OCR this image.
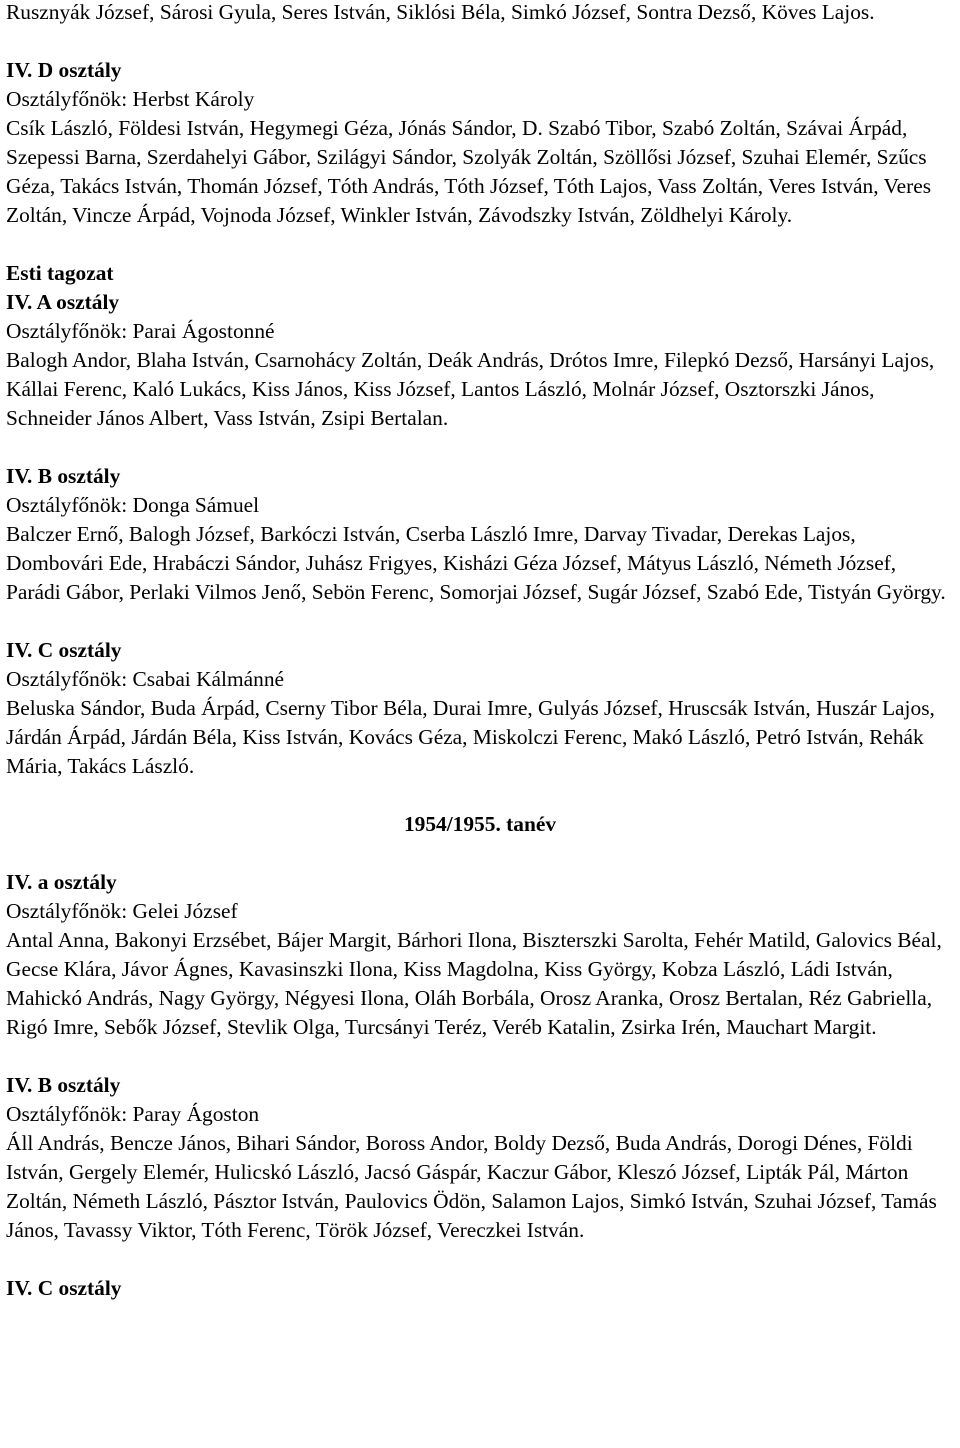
Rusznyák József, Sárosi Gyula, Seres István, Siklósi Béla, Simkó József, Sontra Dezső, Köves Lajos.

IV. D osztály

Osztályfőnök: Herbst Károly

Csík László, Földesi István, Hegymegi Géza, Jónás Sándor, D. Szabó Tibor, Szabó Zoltán, Szávai Árpád, Szepessi Barna, Szerdahelyi Gábor, Szilágyi Sándor, Szolyák Zoltán, Szöllősi József, Szuhai Elemér, Szűcs Géza, Takács István, Thomán József, Tóth András, Tóth József, Tóth Lajos, Vass Zoltán, Veres István, Veres Zoltán, Vincze Árpád, Vojnoda József, Winkler István, Závodszky István, Zöldhelyi Károly.

Esti tagozat

IV. A osztály

Osztályfőnök: Parai Ágostonné

Balogh Andor, Blaha István, Csarnohácy Zoltán, Deák András, Drótos Imre, Filepkó Dezső, Harsányi Lajos, Kállai Ferenc, Kaló Lukács, Kiss János, Kiss József, Lantos László, Molnár József, Osztorszki János, Schneider János Albert, Vass István, Zsipi Bertalan.

IV. B osztály

Osztályfőnök: Donga Sámuel

Balczer Ernő, Balogh József, Barkóczi István, Cserba László Imre, Darvay Tivadar, Derekas Lajos, Dombovári Ede, Hrabáczi Sándor, Juhász Frigyes, Kisházi Géza József, Mátyus László, Németh József, Parádi Gábor, Perlaki Vilmos Jenő, Sebön Ferenc, Somorjai József, Sugár József, Szabó Ede, Tistyán György.

IV. C osztály

Osztályfőnök: Csabai Kálmánné

Beluska Sándor, Buda Árpád, Cserny Tibor Béla, Durai Imre, Gulyás József, Hruscsák István, Huszár Lajos, Járdán Árpád, Járdán Béla, Kiss István, Kovács Géza, Miskolczi Ferenc, Makó László, Petró István, Rehák Mária, Takács László.

1954/1955. tanév

IV. a osztály

Osztályfőnök: Gelei József

Antal Anna, Bakonyi Erzsébet, Bájer Margit, Bárhori Ilona, Biszterszki Sarolta, Fehér Matild, Galovics Béal, Gecse Klára, Jávor Ágnes, Kavasinszki Ilona, Kiss Magdolna, Kiss György, Kobza László, Ládi István, Mahickó András, Nagy György, Négyesi Ilona, Oláh Borbála, Orosz Aranka, Orosz Bertalan, Réz Gabriella, Rigó Imre, Sebők József, Stevlik Olga, Turcsányi Teréz, Veréb Katalin, Zsirka Irén, Mauchart Margit.

IV. B osztály

Osztályfőnök: Paray Ágoston

Áll András, Bencze János, Bihari Sándor, Boross Andor, Boldy Dezső, Buda András, Dorogi Dénes, Földi István, Gergely Elemér, Hulicskó László, Jacsó Gáspár, Kaczur Gábor, Kleszó József, Lipták Pál, Márton Zoltán, Németh László, Pásztor István, Paulovics Ödön, Salamon Lajos, Simkó István, Szuhai József, Tamás János, Tavassy Viktor, Tóth Ferenc, Török József, Vereczkei István.

IV. C osztály
